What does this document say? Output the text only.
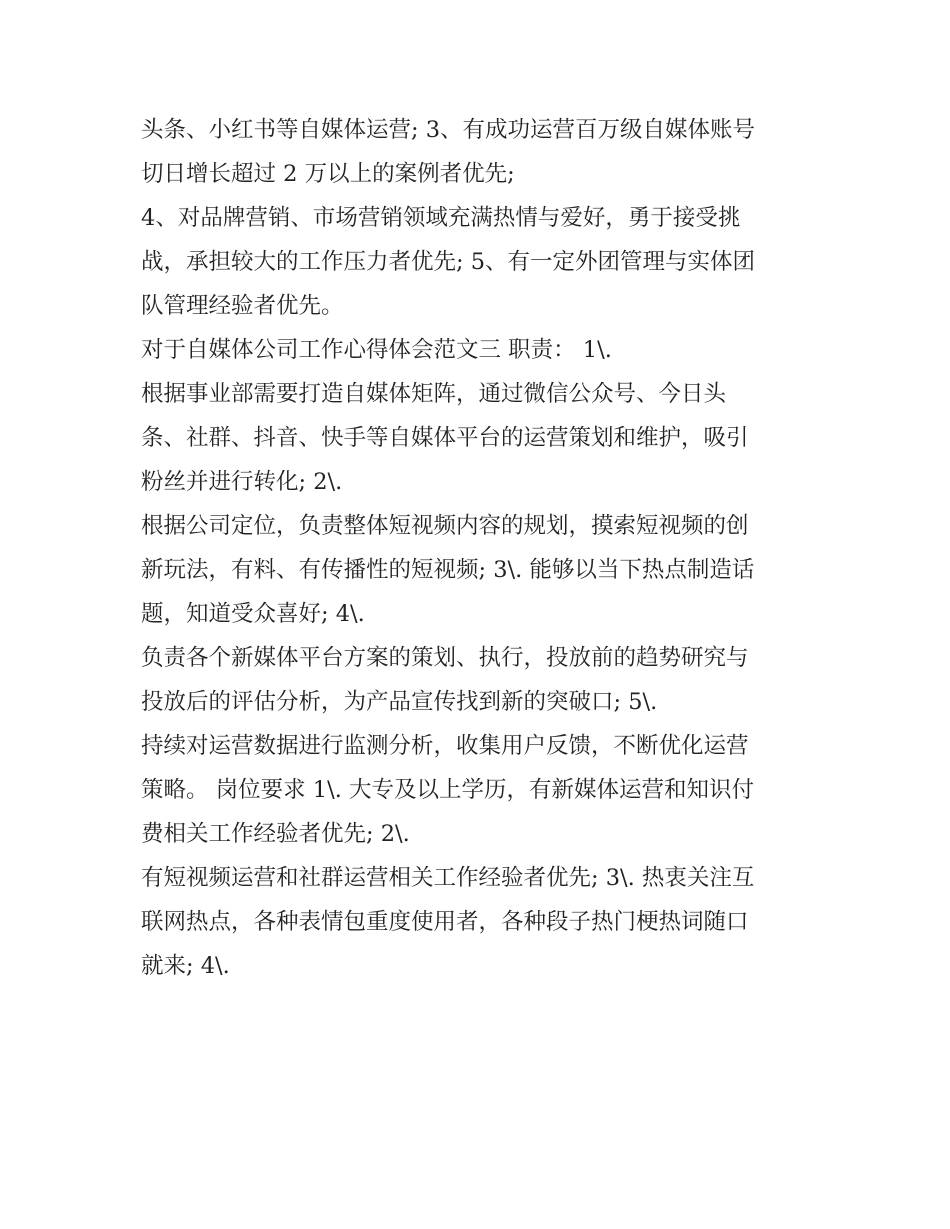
头条、小红书等自媒体运营; 3、有成功运营百万级自媒体账号
切日增长超过 2 万以上的案例者优先;
4、对品牌营销、市场营销领域充满热情与爱好，勇于接受挑
战，承担较大的工作压力者优先; 5、有一定外团管理与实体团
队管理经验者优先。
对于自媒体公司工作心得体会范文三 职责： 1\.
根据事业部需要打造自媒体矩阵，通过微信公众号、今日头
条、社群、抖音、快手等自媒体平台的运营策划和维护，吸引
粉丝并进行转化; 2\.
根据公司定位，负责整体短视频内容的规划，摸索短视频的创
新玩法，有料、有传播性的短视频; 3\. 能够以当下热点制造话
题，知道受众喜好; 4\.
负责各个新媒体平台方案的策划、执行，投放前的趋势研究与
投放后的评估分析，为产品宣传找到新的突破口; 5\.
持续对运营数据进行监测分析，收集用户反馈，不断优化运营
策略。 岗位要求 1\. 大专及以上学历，有新媒体运营和知识付
费相关工作经验者优先; 2\.
有短视频运营和社群运营相关工作经验者优先; 3\. 热衷关注互
联网热点，各种表情包重度使用者，各种段子热门梗热词随口
就来; 4\.
